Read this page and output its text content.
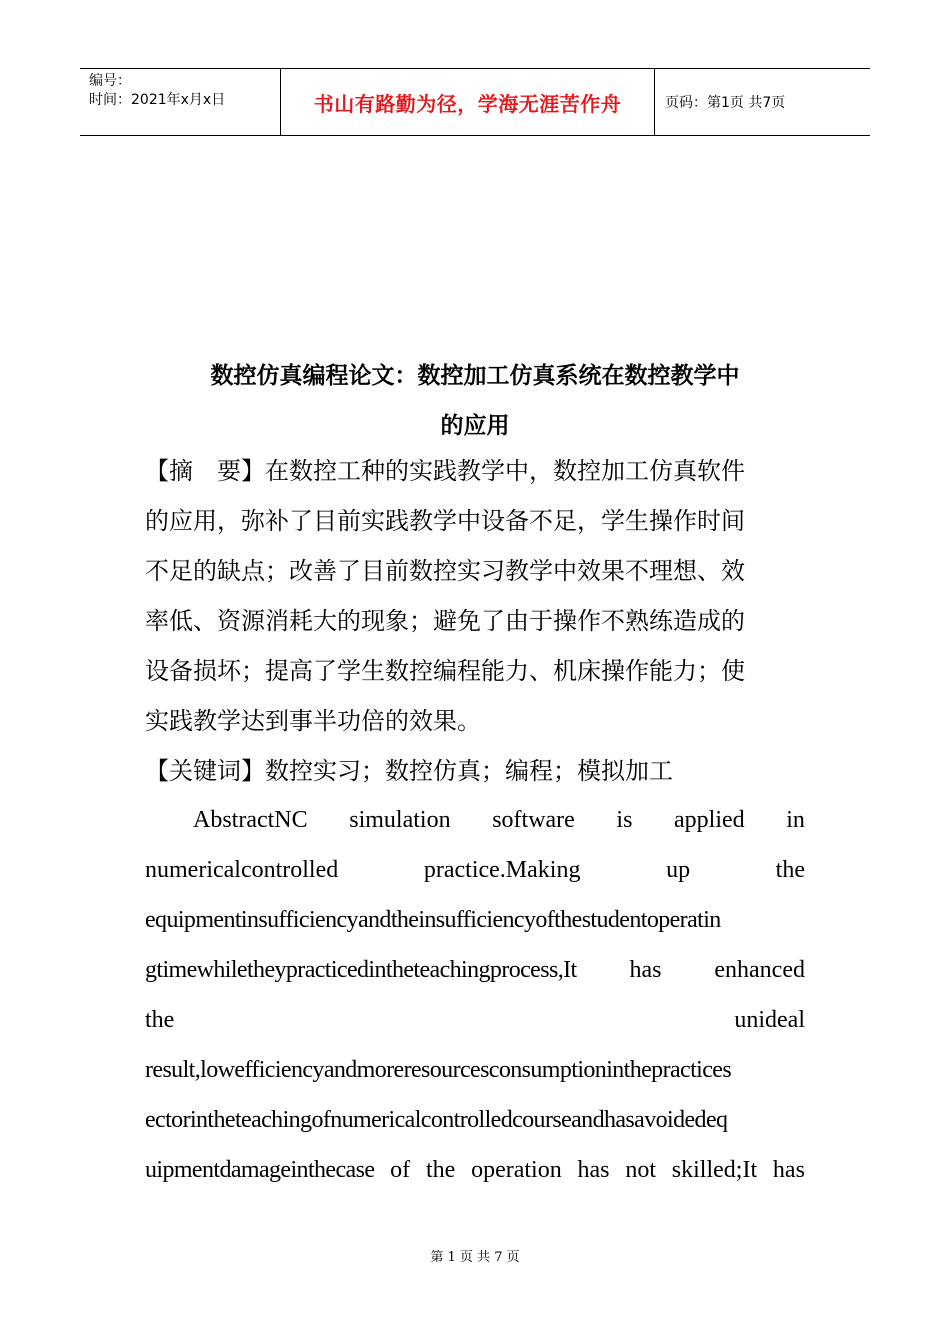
编号：
时间：2021年x月x日	书山有路勤为径，学海无涯苦作舟	页码：第1页 共7页
数控仿真编程论文：数控加工仿真系统在数控教学中
的应用
【摘　要】在数控工种的实践教学中，数控加工仿真软件
的应用，弥补了目前实践教学中设备不足，学生操作时间
不足的缺点；改善了目前数控实习教学中效果不理想、效
率低、资源消耗大的现象；避免了由于操作不熟练造成的
设备损坏；提高了学生数控编程能力、机床操作能力；使
实践教学达到事半功倍的效果。
【关键词】数控实习；数控仿真；编程；模拟加工
AbstractNC simulation software is applied in
numericalcontrolled	practice.Making	up	the
equipmentinsufficiencyandtheinsufficiencyofthestudentoperatin
gtimewhiletheypracticedintheteachingprocess,It has enhanced
the	unideal
result,lowefficiencyandmoreresourcesconsumptioninthepractices
ectorintheteachingofnumericalcontrolledcourseandhasavoidedeq
uipmentdamageinthecase of the operation has not skilled;It has
第 1 页 共 7 页
